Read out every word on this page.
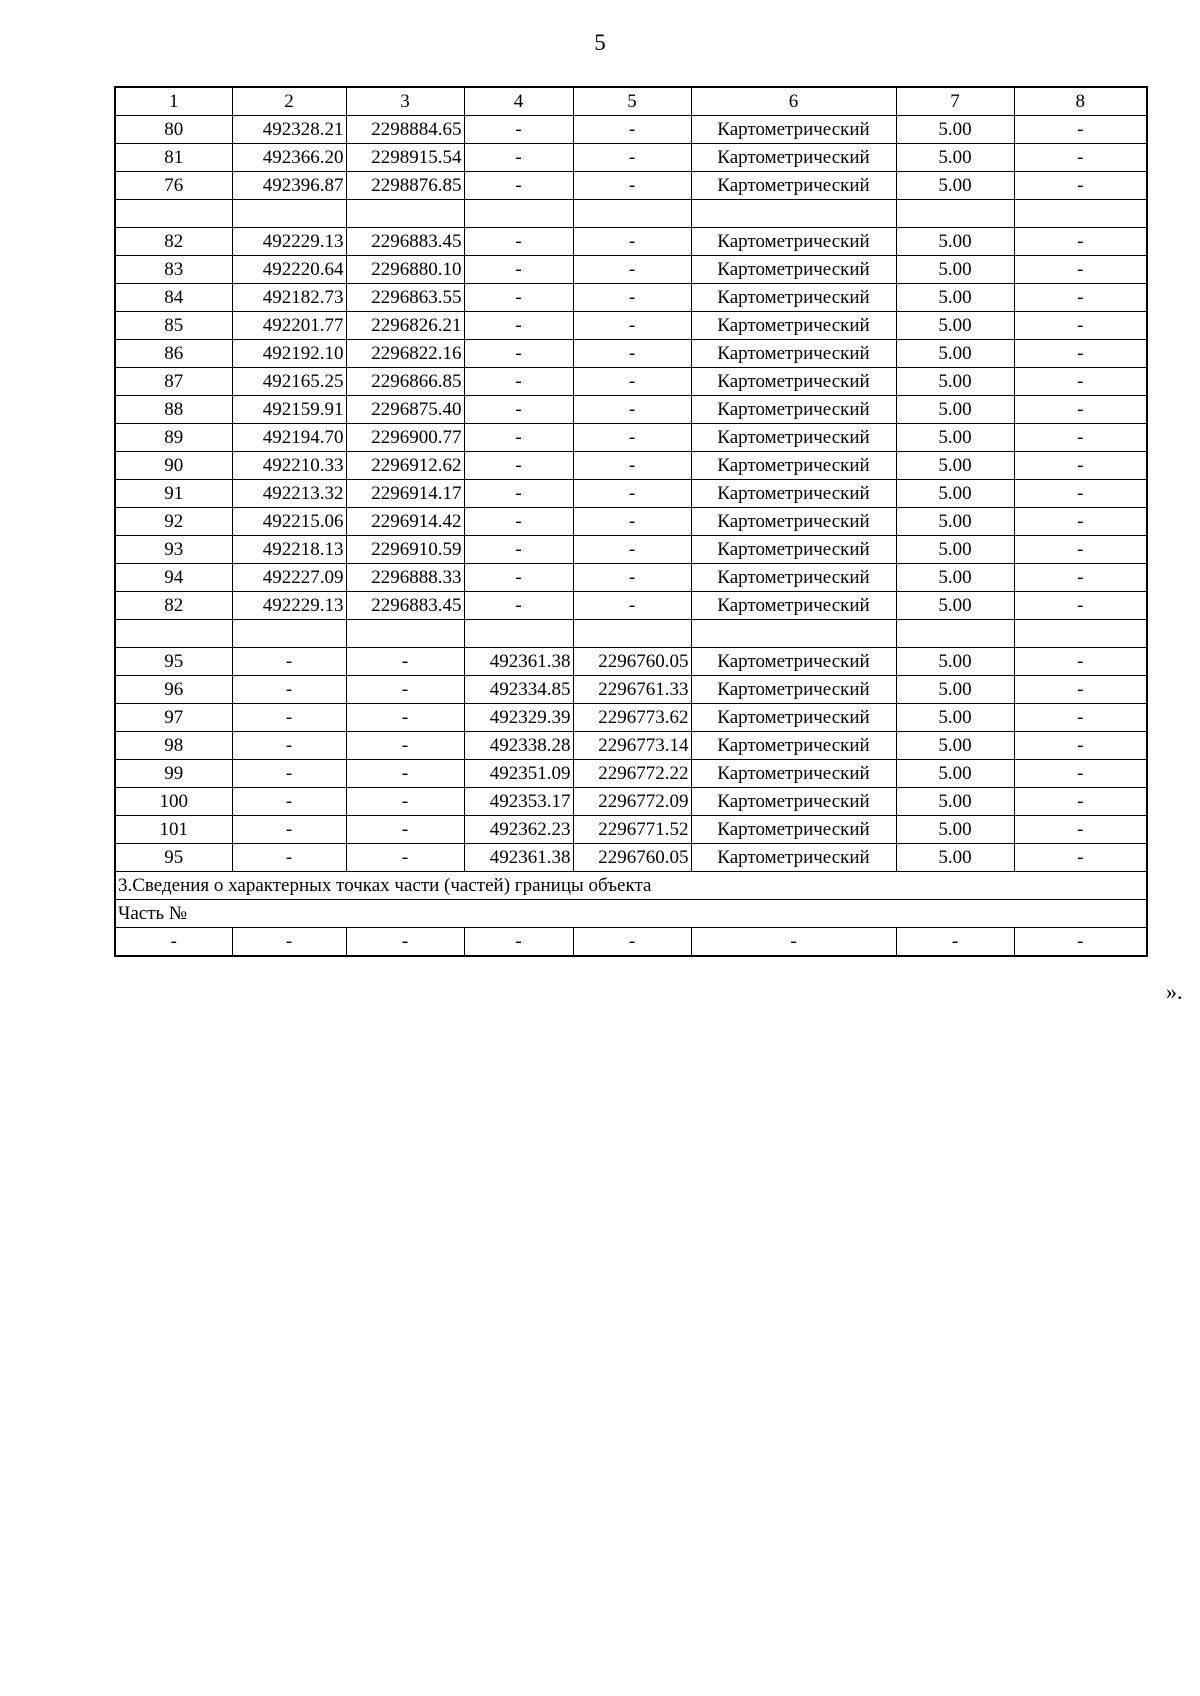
5
1	2	3	4	5	6	7	8
80	492328.21	2298884.65	-	-	Картометрический	5.00	-
81	492366.20	2298915.54	-	-	Картометрический	5.00	-
76	492396.87	2298876.85	-	-	Картометрический	5.00	-

82	492229.13	2296883.45	-	-	Картометрический	5.00	-
83	492220.64	2296880.10	-	-	Картометрический	5.00	-
84	492182.73	2296863.55	-	-	Картометрический	5.00	-
85	492201.77	2296826.21	-	-	Картометрический	5.00	-
86	492192.10	2296822.16	-	-	Картометрический	5.00	-
87	492165.25	2296866.85	-	-	Картометрический	5.00	-
88	492159.91	2296875.40	-	-	Картометрический	5.00	-
89	492194.70	2296900.77	-	-	Картометрический	5.00	-
90	492210.33	2296912.62	-	-	Картометрический	5.00	-
91	492213.32	2296914.17	-	-	Картометрический	5.00	-
92	492215.06	2296914.42	-	-	Картометрический	5.00	-
93	492218.13	2296910.59	-	-	Картометрический	5.00	-
94	492227.09	2296888.33	-	-	Картометрический	5.00	-
82	492229.13	2296883.45	-	-	Картометрический	5.00	-

95	-	-	492361.38	2296760.05	Картометрический	5.00	-
96	-	-	492334.85	2296761.33	Картометрический	5.00	-
97	-	-	492329.39	2296773.62	Картометрический	5.00	-
98	-	-	492338.28	2296773.14	Картометрический	5.00	-
99	-	-	492351.09	2296772.22	Картометрический	5.00	-
100	-	-	492353.17	2296772.09	Картометрический	5.00	-
101	-	-	492362.23	2296771.52	Картометрический	5.00	-
95	-	-	492361.38	2296760.05	Картометрический	5.00	-
3.Сведения о характерных точках части (частей) границы объекта							
Часть №							
-	-	-	-	-	-	-	-
».
